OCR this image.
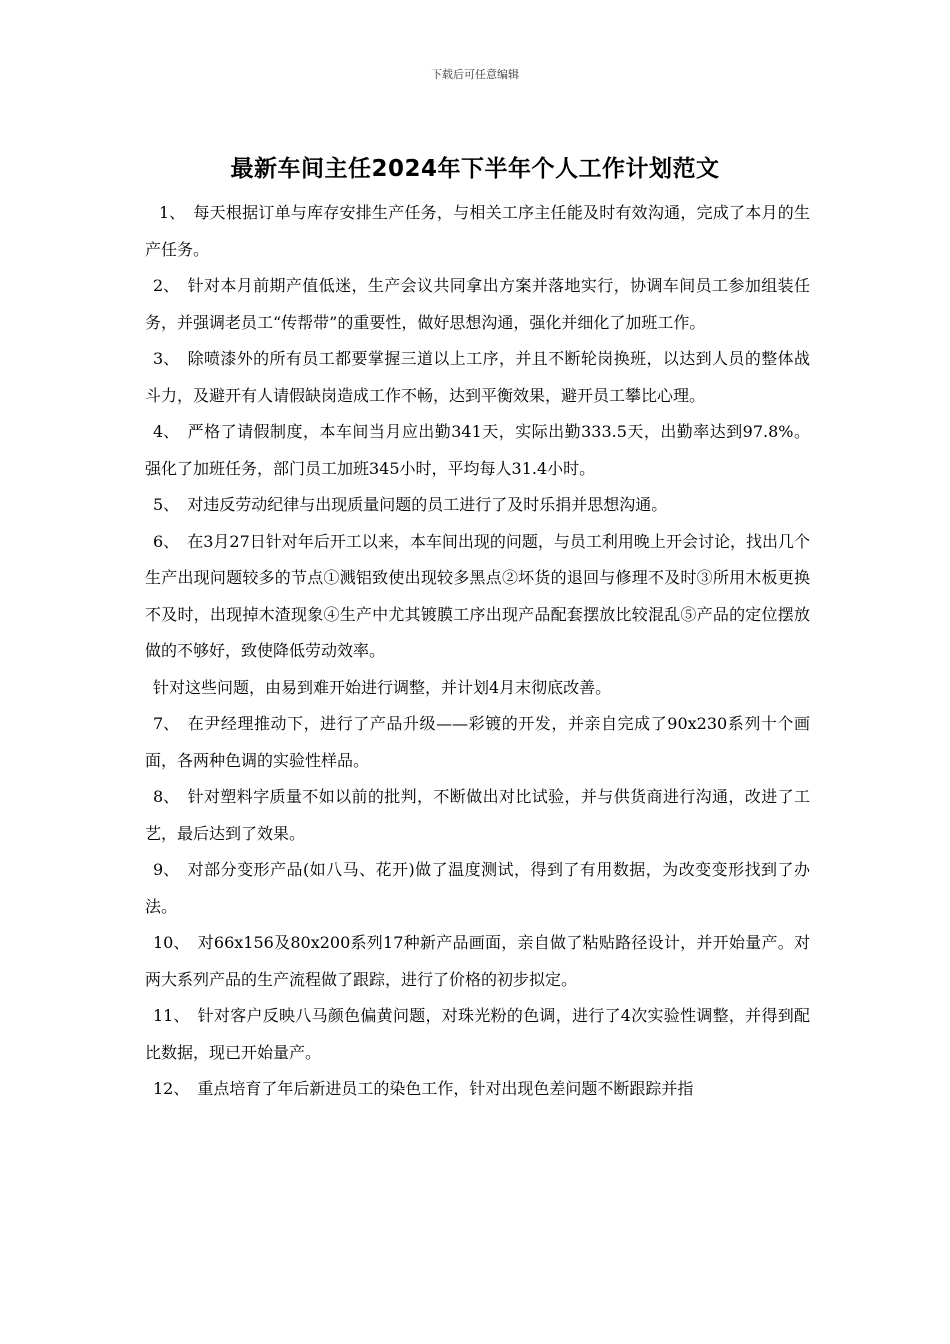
下载后可任意编辑
最新车间主任2024年下半年个人工作计划范文

1、 每天根据订单与库存安排生产任务，与相关工序主任能及时有效沟通，完成了本月的生产任务。

2、 针对本月前期产值低迷，生产会议共同拿出方案并落地实行，协调车间员工参加组装任务，并强调老员工“传帮带”的重要性，做好思想沟通，强化并细化了加班工作。

3、 除喷漆外的所有员工都要掌握三道以上工序，并且不断轮岗换班，以达到人员的整体战斗力，及避开有人请假缺岗造成工作不畅，达到平衡效果，避开员工攀比心理。

4、 严格了请假制度，本车间当月应出勤341天，实际出勤333.5天，出勤率达到97.8%。强化了加班任务，部门员工加班345小时，平均每人31.4小时。

5、 对违反劳动纪律与出现质量问题的员工进行了及时乐捐并思想沟通。

6、 在3月27日针对年后开工以来，本车间出现的问题，与员工利用晚上开会讨论，找出几个生产出现问题较多的节点①溅铝致使出现较多黑点②坏货的退回与修理不及时③所用木板更换不及时，出现掉木渣现象④生产中尤其镀膜工序出现产品配套摆放比较混乱⑤产品的定位摆放做的不够好，致使降低劳动效率。

针对这些问题，由易到难开始进行调整，并计划4月末彻底改善。

7、 在尹经理推动下，进行了产品升级——彩镀的开发，并亲自完成了90x230系列十个画面，各两种色调的实验性样品。

8、 针对塑料字质量不如以前的批判，不断做出对比试验，并与供货商进行沟通，改进了工艺，最后达到了效果。

9、 对部分变形产品(如八马、花开)做了温度测试，得到了有用数据，为改变变形找到了办法。

10、 对66x156及80x200系列17种新产品画面，亲自做了粘贴路径设计，并开始量产。对两大系列产品的生产流程做了跟踪，进行了价格的初步拟定。

11、 针对客户反映八马颜色偏黄问题，对珠光粉的色调，进行了4次实验性调整，并得到配比数据，现已开始量产。

12、 重点培育了年后新进员工的染色工作，针对出现色差问题不断跟踪并指
